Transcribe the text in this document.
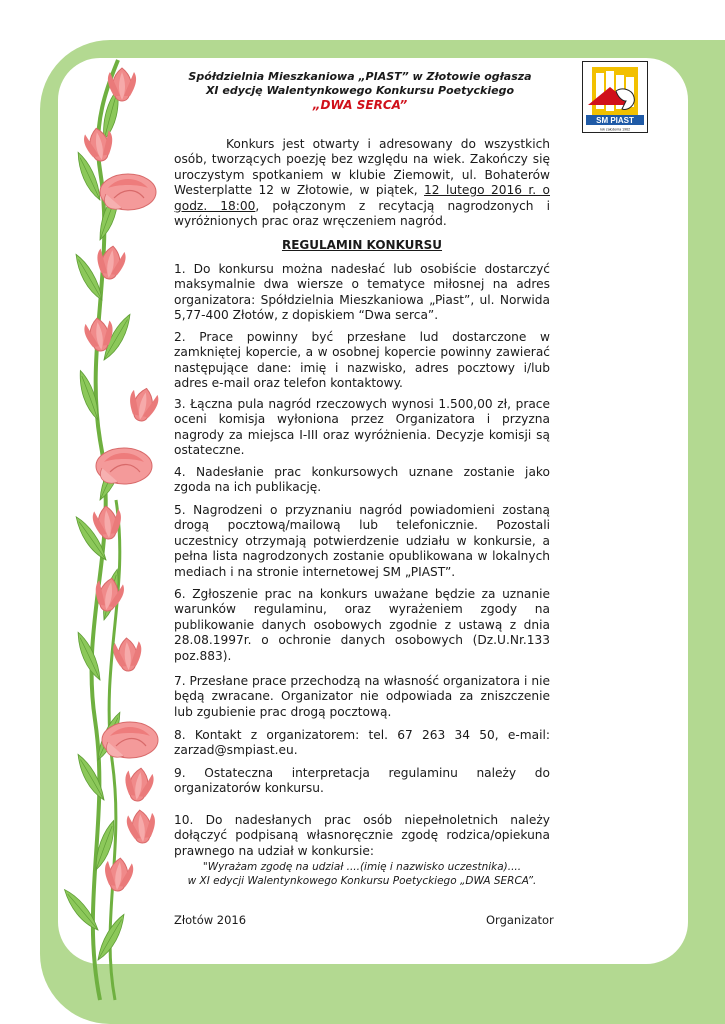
SM PIAST
rok założenia 1962
Spółdzielnia Mieszkaniowa „PIAST” w Złotowie ogłasza
XI edycję Walentynkowego Konkursu Poetyckiego
„DWA SERCA”
Konkurs jest otwarty i adresowany do wszystkich osób, tworzących poezję bez względu na wiek. Zakończy się uroczystym spotkaniem w klubie Ziemowit, ul. Bohaterów Westerplatte 12 w Złotowie, w piątek, 12 lutego 2016 r. o godz. 18:00, połączonym z recytacją nagrodzonych i wyróżnionych prac oraz wręczeniem nagród.
REGULAMIN KONKURSU
1. Do konkursu można nadesłać lub osobiście dostarczyć maksymalnie dwa wiersze o tematyce miłosnej na adres organizatora: Spółdzielnia Mieszkaniowa „Piast”, ul. Norwida 5,77-400 Złotów, z dopiskiem “Dwa serca”.
2. Prace powinny być przesłane lud dostarczone w zamkniętej kopercie, a w osobnej kopercie powinny zawierać następujące dane: imię i nazwisko, adres pocztowy i/lub adres e-mail oraz telefon kontaktowy.
3. Łączna pula nagród rzeczowych wynosi 1.500,00 zł, prace oceni komisja wyłoniona przez Organizatora i przyzna nagrody za miejsca I-III oraz wyróżnienia. Decyzje komisji są ostateczne.
4. Nadesłanie prac konkursowych uznane zostanie jako zgoda na ich publikację.
5. Nagrodzeni o przyznaniu nagród powiadomieni zostaną drogą pocztową/mailową lub telefonicznie. Pozostali uczestnicy otrzymają potwierdzenie udziału w konkursie, a pełna lista nagrodzonych zostanie opublikowana w lokalnych mediach i na stronie internetowej SM „PIAST”.
6. Zgłoszenie prac na konkurs uważane będzie za uznanie warunków regulaminu, oraz wyrażeniem zgody na publikowanie danych osobowych zgodnie z ustawą z dnia 28.08.1997r. o ochronie danych osobowych (Dz.U.Nr.133 poz.883).
7. Przesłane prace przechodzą na własność organizatora i nie będą zwracane. Organizator nie odpowiada za zniszczenie lub zgubienie prac drogą pocztową.
8. Kontakt z organizatorem: tel. 67 263 34 50, e-mail: zarzad@smpiast.eu.
9. Ostateczna interpretacja regulaminu należy do organizatorów konkursu.
10. Do nadesłanych prac osób niepełnoletnich należy dołączyć podpisaną własnoręcznie zgodę rodzica/opiekuna prawnego na udział w konkursie:
"Wyrażam zgodę na udział ....(imię i nazwisko uczestnika)....
w XI edycji Walentynkowego Konkursu Poetyckiego „DWA SERCA”.
Złotów 2016	Organizator
